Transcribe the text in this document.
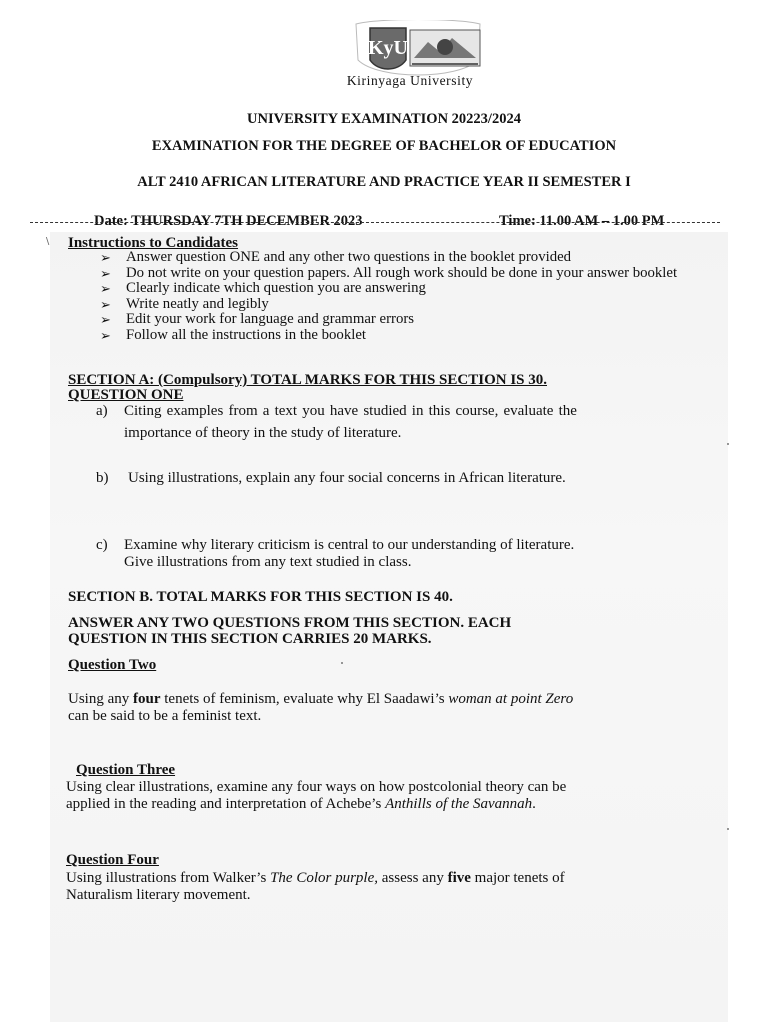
KyU
Kirinyaga University
UNIVERSITY EXAMINATION 20223/2024
EXAMINATION FOR THE DEGREE OF BACHELOR OF EDUCATION
ALT 2410 AFRICAN LITERATURE AND PRACTICE YEAR II SEMESTER I
∖
Date: THURSDAY 7TH DECEMBER 2023	Time: 11.00 AM – 1.00 PM
Instructions to Candidates
➢ Answer question ONE and any other two questions in the booklet provided
➢ Do not write on your question papers. All rough work should be done in your answer booklet
➢ Clearly indicate which question you are answering
➢ Write neatly and legibly
➢ Edit your work for language and grammar errors
➢ Follow all the instructions in the booklet
SECTION A: (Compulsory) TOTAL MARKS FOR THIS SECTION IS 30.
QUESTION ONE
a) Citing examples from a text you have studied in this course, evaluate the
importance of theory in the study of literature.
b) Using illustrations, explain any four social concerns in African literature.
c) Examine why literary criticism is central to our understanding of literature.
Give illustrations from any text studied in class.
SECTION B. TOTAL MARKS FOR THIS SECTION IS 40.
ANSWER ANY TWO QUESTIONS FROM THIS SECTION. EACH
QUESTION IN THIS SECTION CARRIES 20 MARKS.
Question Two
Using any four tenets of feminism, evaluate why El Saadawi’s woman at point Zero
can be said to be a feminist text.
Question Three
Using clear illustrations, examine any four ways on how postcolonial theory can be
applied in the reading and interpretation of Achebe’s Anthills of the Savannah.
Question Four
Using illustrations from Walker’s The Color purple, assess any five major tenets of
Naturalism literary movement.
